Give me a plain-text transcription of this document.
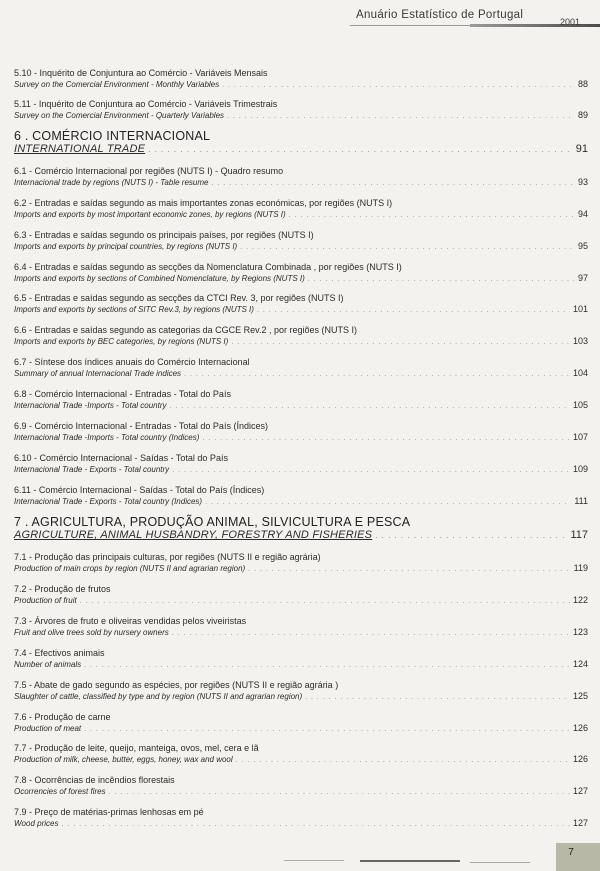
Anuário Estatístico de Portugal
2001
5.10 - Inquérito de Conjuntura ao Comércio - Variáveis Mensais
Survey on the Comercial Environment - Monthly Variables . . .	88
5.11 - Inquérito de Conjuntura ao Comércio - Variáveis Trimestrais
Survey on the Comercial Environment - Quarterly Variables . . .	89
6 . COMÉRCIO INTERNACIONAL
INTERNATIONAL TRADE . . .	91
6.1 - Comércio Internacional por regiões (NUTS I) - Quadro resumo
Internacional trade by regions (NUTS I) - Table resume . . .	93
6.2 - Entradas e saídas segundo as mais importantes zonas económicas, por regiões (NUTS I)
Imports and exports by most important economic zones, by regions (NUTS I) . . .	94
6.3 - Entradas e saídas segundo os principais países, por regiões (NUTS I)
Imports and exports by principal countries, by regions (NUTS I) . . .	95
6.4 - Entradas e saídas segundo as secções da Nomenclatura Combinada , por regiões (NUTS I)
Imports and exports by sections of Combined Nomenclature, by Regions (NUTS I) . . .	97
6.5 - Entradas e saídas segundo as secções da CTCI Rev. 3, por regiões (NUTS I)
Imports and exports by sections of SITC Rev.3, by regions (NUTS I) . . .	101
6.6 - Entradas e saídas segundo as categorias da CGCE Rev.2 , por regiões (NUTS I)
Imports and exports by BEC categories, by regions (NUTS I) . . .	103
6.7 - Síntese dos índices anuais do Comércio Internacional
Summary of annual Internacional Trade indices . . .	104
6.8 - Comércio Internacional - Entradas - Total do País
Internacional Trade -Imports - Total country . . .	105
6.9 - Comércio Internacional - Entradas - Total do País (Índices)
Internacional Trade -Imports - Total country (Indices) . . .	107
6.10 - Comércio Internacional - Saídas - Total do País
Internacional Trade - Exports - Total country . . .	109
6.11 - Comércio Internacional - Saídas - Total do País (Índices)
Internacional Trade - Exports - Total country (Indices) . . .	111
7 . AGRICULTURA, PRODUÇÃO ANIMAL, SILVICULTURA E PESCA
AGRICULTURE, ANIMAL HUSBANDRY, FORESTRY AND FISHERIES . . .	117
7.1 - Produção das principais culturas, por regiões (NUTS II e região agrária)
Production of main crops by region (NUTS II and agrarian region) . . .	119
7.2 - Produção de frutos
Production of fruit . . .	122
7.3 - Árvores de fruto e oliveiras vendidas pelos viveiristas
Fruit and olive trees sold by nursery owners . . .	123
7.4 - Efectivos animais
Number of animals . . .	124
7.5 - Abate de gado segundo as espécies, por regiões (NUTS II e região agrária )
Slaughter of cattle, classified by type and by region (NUTS II and agrarian region) . . .	125
7.6 - Produção de carne
Production of meat . . .	126
7.7 - Produção de leite, queijo, manteiga, ovos, mel, cera e lã
Production of milk, cheese, butter, eggs, honey, wax and wool . . .	126
7.8 - Ocorrências de incêndios florestais
Ocorrencies of forest fires . . .	127
7.9 - Preço de matérias-primas lenhosas em pé
Wood prices . . .	127
7
